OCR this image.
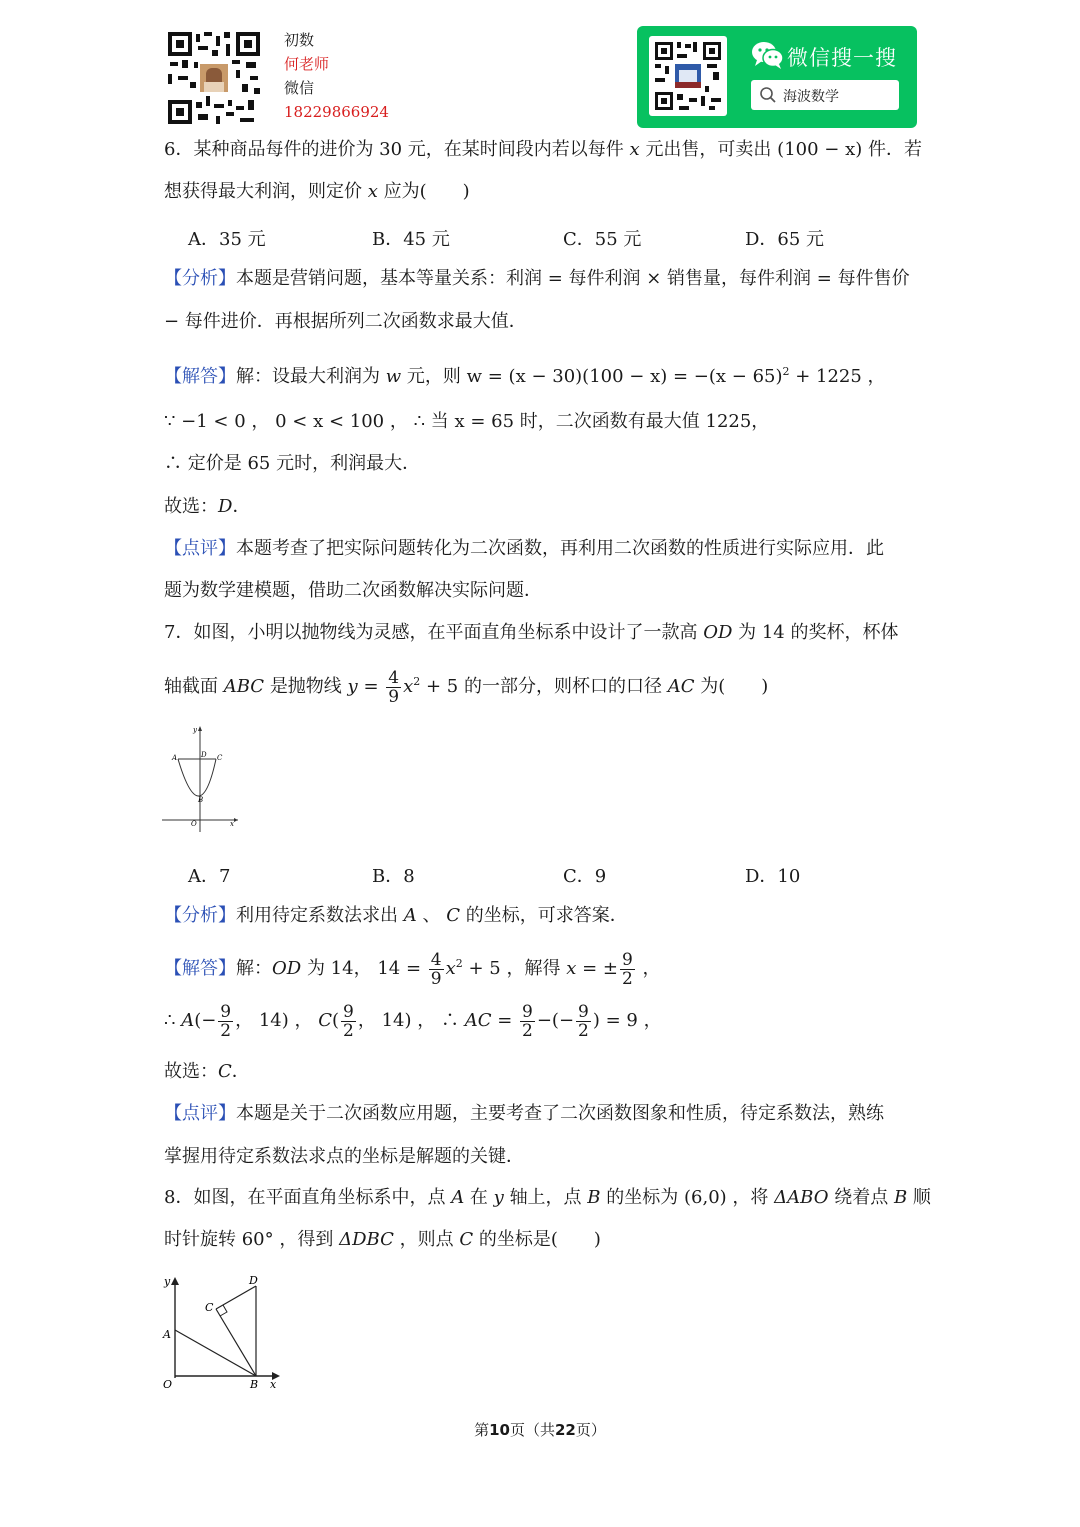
初数
何老师
微信
18229866924
微信搜一搜
海波数学
6．某种商品每件的进价为 30 元，在某时间段内若以每件 x 元出售，可卖出 (100 − x) 件．若
想获得最大利润，则定价 x 应为(　　)
A．35 元	B．45 元	C．55 元	D．65 元
【分析】本题是营销问题，基本等量关系：利润 = 每件利润 × 销售量，每件利润 = 每件售价
− 每件进价．再根据所列二次函数求最大值．
【解答】解：设最大利润为 w 元，则 $w = (x - 30)(100 - x) = -(x - 65)^2 + 1225$ ，
∵ −1 < 0 ， 0 < x < 100 ， ∴ 当 x = 65 时，二次函数有最大值 1225，
∴ 定价是 65 元时，利润最大．
故选：D．
【点评】本题考查了把实际问题转化为二次函数，再利用二次函数的性质进行实际应用．此
题为数学建模题，借助二次函数解决实际问题．
7．如图，小明以抛物线为灵感，在平面直角坐标系中设计了一款高 OD 为 14 的奖杯，杯体
轴截面 ABC 是抛物线 $y = \frac{4}{9} x^2 + 5$ 的一部分，则杯口的口径 AC 为(　　)
y
A	D C
B
O	x
A．7	B．8	C．9	D．10
【分析】利用待定系数法求出 A 、 C 的坐标，可求答案．
【解答】解：OD 为 14， $14 = \frac{4}{9} x^2 + 5$ ，解得 x = ± $\frac{9}{2}$ ，
∴ $A(- \frac{9}{2}$ ， 14) ， $C( \frac{9}{2}$ ， 14) ， ∴ AC = $\frac{9}{2}$ −(− $\frac{9}{2}$ ) = 9 ，
故选：C．
【点评】本题是关于二次函数应用题，主要考查了二次函数图象和性质，待定系数法，熟练
掌握用待定系数法求点的坐标是解题的关键．
8．如图，在平面直角坐标系中，点 A 在 y 轴上，点 B 的坐标为 (6,0) ，将 ΔABO 绕着点 B 顺
时针旋转 60° ，得到 ΔDBC ，则点 C 的坐标是(　　)
y	D
C
A
O	B x
第10页（共22页）
